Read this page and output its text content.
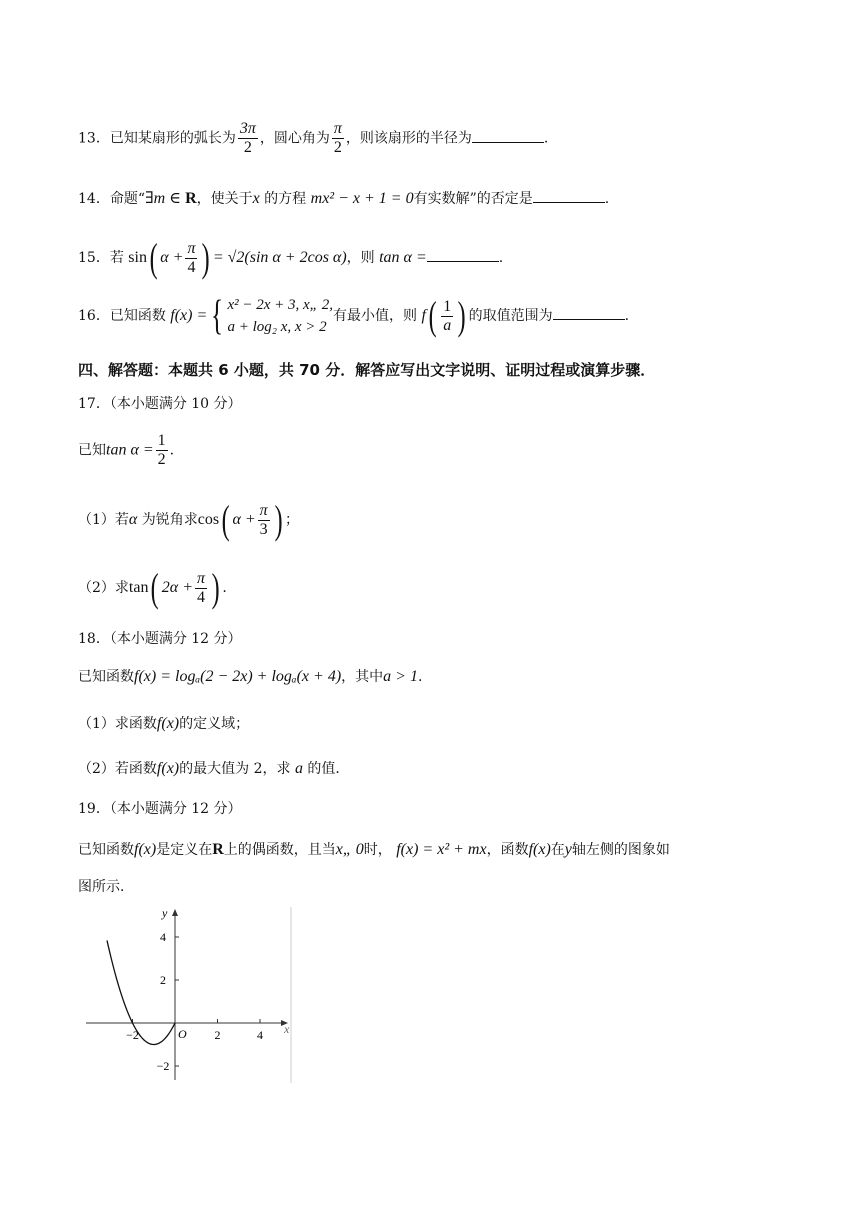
13．已知某扇形的弧长为 $\frac{3\pi}{2}$ ，圆心角为 $\frac{\pi}{2}$ ，则该扇形的半径为	.
14．命题“∃m ∈ R，使关于x 的方程 mx² − x + 1 = 0有实数解”的否定是	.
15．若 sin( $\alpha + \frac{\pi}{4}$ ) = √2(sin α + 2cos α)，则 tan α =	.
16．已知函数 f(x) ={ x² − 2x + 3, x„ 2,
a + log₂ x, x > 2
有最小值，则 $f( \frac{1}{a}$ ) 的取值范围为	.
四、解答题：本题共 6 小题，共 70 分．解答应写出文字说明、证明过程或演算步骤．
17．（本小题满分 10 分）
已知$\tan \alpha = \frac{1}{2}$ .
（1）若α 为锐角求cos( $\alpha + \frac{\pi}{3}$ ) ；
（2）求tan( $2\alpha + \frac{\pi}{4}$ ) .
18．（本小题满分 12 分）
已知函数f(x) = logₐ(2 − 2x) + logₐ(x + 4)，其中a > 1.
（1）求函数f(x)的定义域；
（2）若函数f(x)的最大值为 2，求 a 的值．
19．（本小题满分 12 分）
已知函数f(x)是定义在R上的偶函数，且当x„ 0时， f(x) = x² + mx，函数f(x)在y轴左侧的图象如
图所示．
y
x
O
4
2
−2
−2	2	4
